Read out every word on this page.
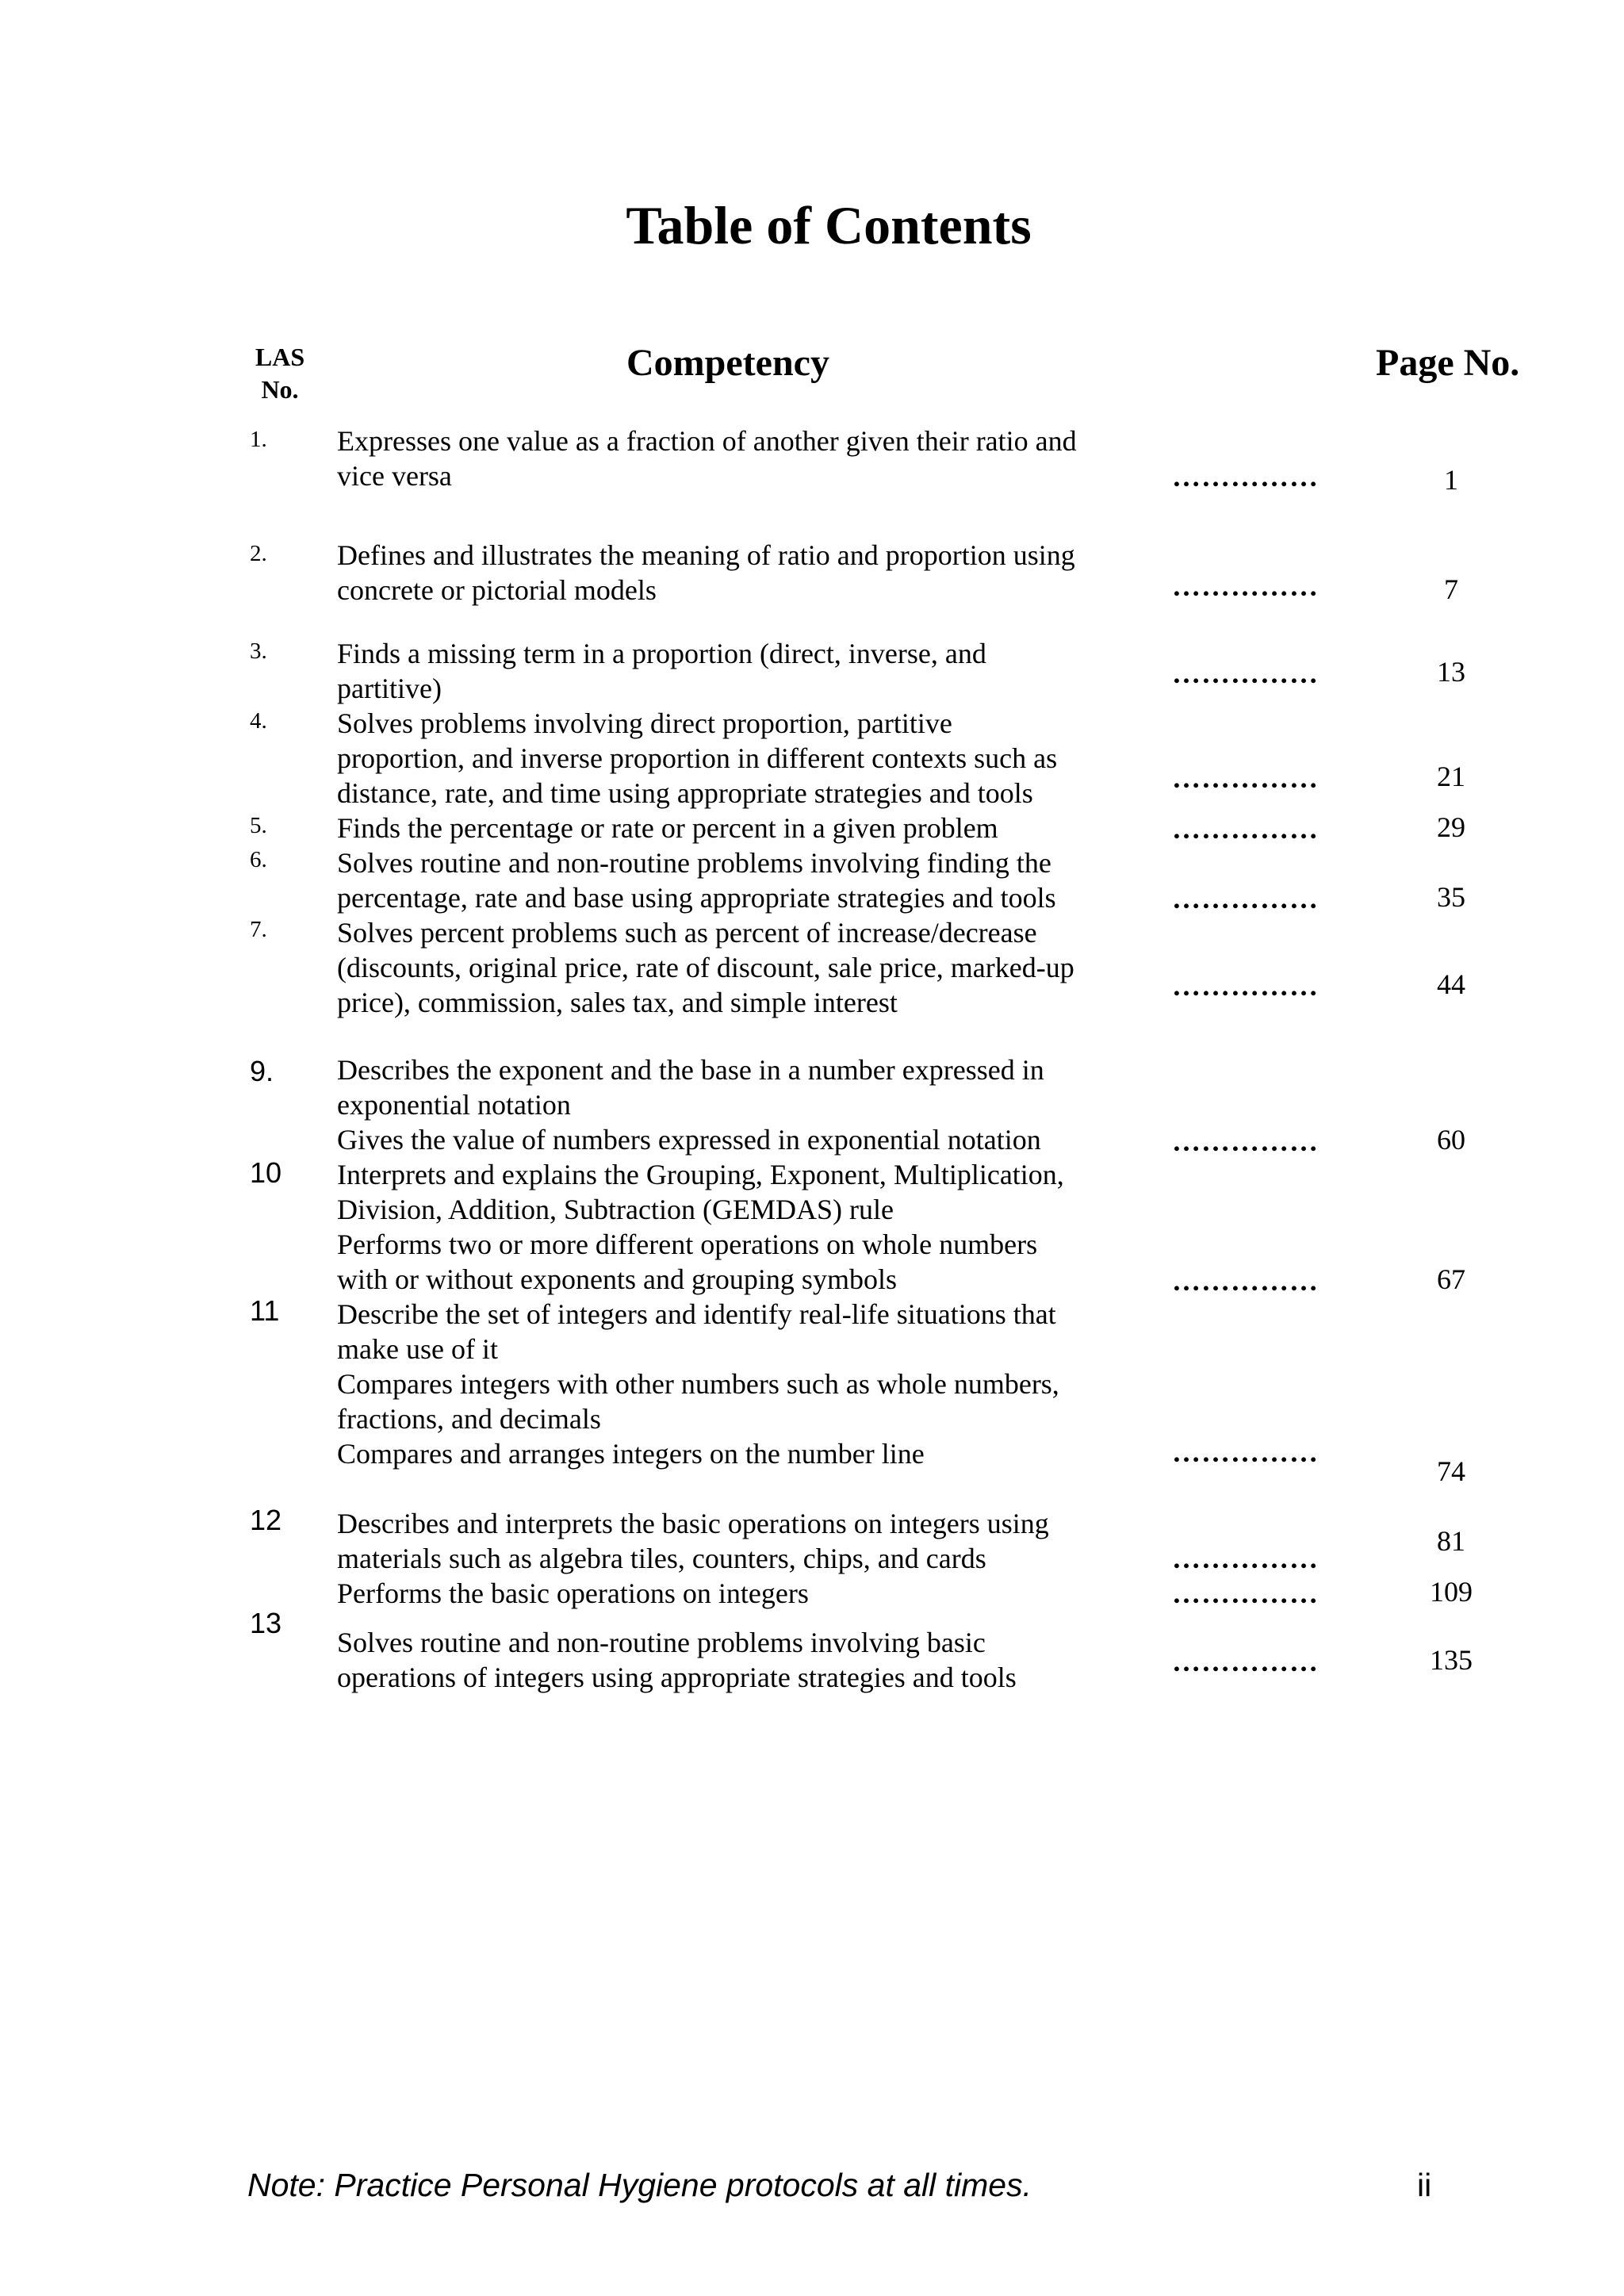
Table of Contents
LAS
No.
Competency	Page No.
1.
2.
3.
4.
5.
6.
7.
9.
10
11
12
13
Expresses one value as a fraction of another given their ratio and
vice versa
Defines and illustrates the meaning of ratio and proportion using
concrete or pictorial models
Finds a missing term in a proportion (direct, inverse, and
partitive)
Solves problems involving direct proportion, partitive
proportion, and inverse proportion in different contexts such as
distance, rate, and time using appropriate strategies and tools
Finds the percentage or rate or percent in a given problem
Solves routine and non-routine problems involving finding the
percentage, rate and base using appropriate strategies and tools
Solves percent problems such as percent of increase/decrease
(discounts, original price, rate of discount, sale price, marked-up
price), commission, sales tax, and simple interest
Describes the exponent and the base in a number expressed in
exponential notation
Gives the value of numbers expressed in exponential notation
Interprets and explains the Grouping, Exponent, Multiplication,
Division, Addition, Subtraction (GEMDAS) rule
Performs two or more different operations on whole numbers
with or without exponents and grouping symbols
Describe the set of integers and identify real-life situations that
make use of it
Compares integers with other numbers such as whole numbers,
fractions, and decimals
Compares and arranges integers on the number line
Describes and interprets the basic operations on integers using
materials such as algebra tiles, counters, chips, and cards
Performs the basic operations on integers
Solves routine and non-routine problems involving basic
operations of integers using appropriate strategies and tools
……………
……………
……………
……………
……………
……………
……………
……………
……………
……………
……………
……………
……………
1
7
13
21
29
35
44
60
67
74
81
109
135
Note: Practice Personal Hygiene protocols at all times.	ii
